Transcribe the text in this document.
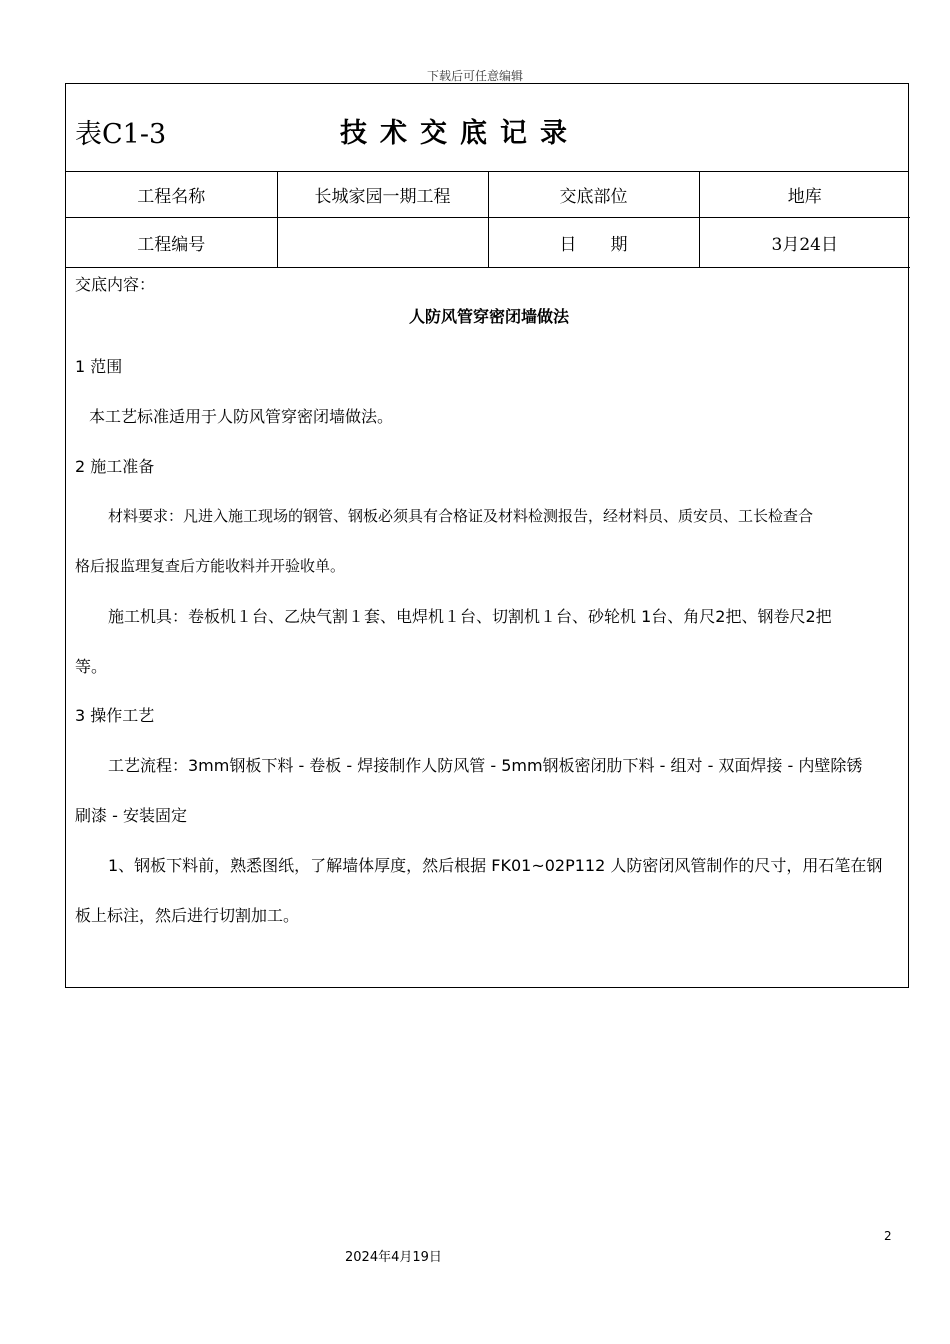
下载后可任意编辑
表C1-3	技术交底记录
工程名称	长城家园一期工程	交底部位	地库
工程编号		日　　期	3月24日
交底内容：
人防风管穿密闭墙做法
1 范围
本工艺标准适用于人防风管穿密闭墙做法。
2 施工准备
材料要求：凡进入施工现场的钢管、钢板必须具有合格证及材料检测报告，经材料员、质安员、工长检查合
格后报监理复查后方能收料并开验收单。
施工机具：卷板机１台、乙炔气割１套、电焊机１台、切割机１台、砂轮机 1台、角尺2把、钢卷尺2把
等。
3 操作工艺
工艺流程：3mm钢板下料 - 卷板 - 焊接制作人防风管 - 5mm钢板密闭肋下料 - 组对 - 双面焊接 - 内壁除锈
刷漆 - 安装固定
1、钢板下料前，熟悉图纸，了解墙体厚度，然后根据 FK01~02P112 人防密闭风管制作的尺寸，用石笔在钢
板上标注，然后进行切割加工。
2
2024年4月19日
